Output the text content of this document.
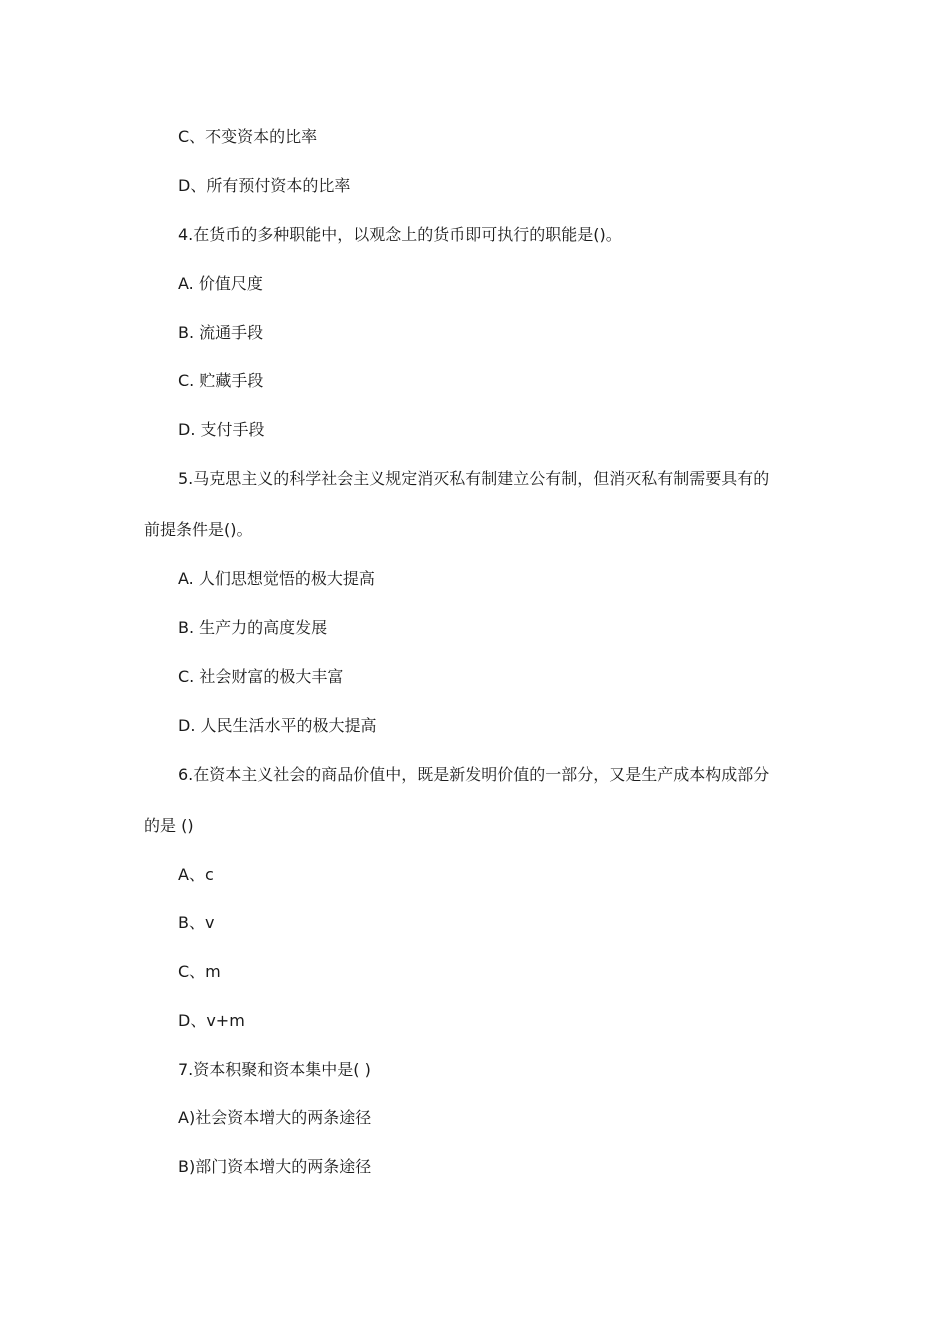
C、不变资本的比率
D、所有预付资本的比率
4.在货币的多种职能中，以观念上的货币即可执行的职能是()。
A. 价值尺度
B. 流通手段
C. 贮藏手段
D. 支付手段
5.马克思主义的科学社会主义规定消灭私有制建立公有制，但消灭私有制需要具有的
前提条件是()。
A. 人们思想觉悟的极大提高
B. 生产力的高度发展
C. 社会财富的极大丰富
D. 人民生活水平的极大提高
6.在资本主义社会的商品价值中，既是新发明价值的一部分，又是生产成本构成部分
的是 ()
A、c
B、v
C、m
D、v+m
7.资本积聚和资本集中是( )
A)社会资本增大的两条途径
B)部门资本增大的两条途径
